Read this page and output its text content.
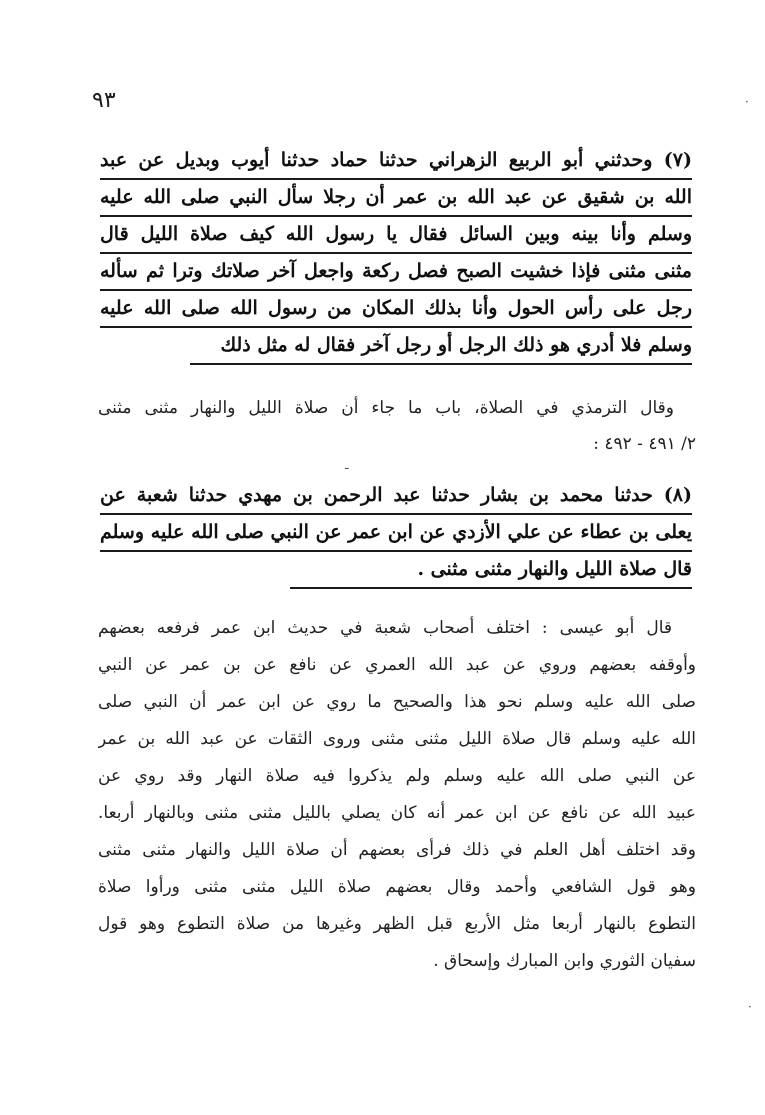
٩٣
(٧) وحدثني أبو الربيع الزهراني حدثنا حماد حدثنا أيوب وبديل عن عبد
الله بن شقيق عن عبد الله بن عمر أن رجلا سأل النبي صلى الله عليه
وسلم وأنا بينه وبين السائل فقال يا رسول الله كيف صلاة الليل قال
مثنى مثنى فإذا خشيت الصبح فصل ركعة واجعل آخر صلاتك وترا ثم سأله
رجل على رأس الحول وأنا بذلك المكان من رسول الله صلى الله عليه
وسلم فلا أدري هو ذلك الرجل أو رجل آخر فقال له مثل ذلك
وقال الترمذي في الصلاة، باب ما جاء أن صلاة الليل والنهار مثنى مثنى
٢/ ٤٩١ - ٤٩٢ :
ـ
(٨) حدثنا محمد بن بشار حدثنا عبد الرحمن بن مهدي حدثنا شعبة عن
يعلى بن عطاء عن علي الأزدي عن ابن عمر عن النبي صلى الله عليه وسلم
قال صلاة الليل والنهار مثنى مثنى .
قال أبو عيسى : اختلف أصحاب شعبة في حديث ابن عمر فرفعه بعضهم
وأوقفه بعضهم وروي عن عبد الله العمري عن نافع عن بن عمر عن النبي
صلى الله عليه وسلم نحو هذا والصحيح ما روي عن ابن عمر أن النبي صلى
الله عليه وسلم قال صلاة الليل مثنى مثنى وروى الثقات عن عبد الله بن عمر
عن النبي صلى الله عليه وسلم ولم يذكروا فيه صلاة النهار وقد روي عن
عبيد الله عن نافع عن ابن عمر أنه كان يصلي بالليل مثنى مثنى وبالنهار أربعا.
وقد اختلف أهل العلم في ذلك فرأى بعضهم أن صلاة الليل والنهار مثنى مثنى
وهو قول الشافعي وأحمد وقال بعضهم صلاة الليل مثنى مثنى ورأوا صلاة
التطوع بالنهار أربعا مثل الأربع قبل الظهر وغيرها من صلاة التطوع وهو قول
سفيان الثوري وابن المبارك وإسحاق .
·
·
